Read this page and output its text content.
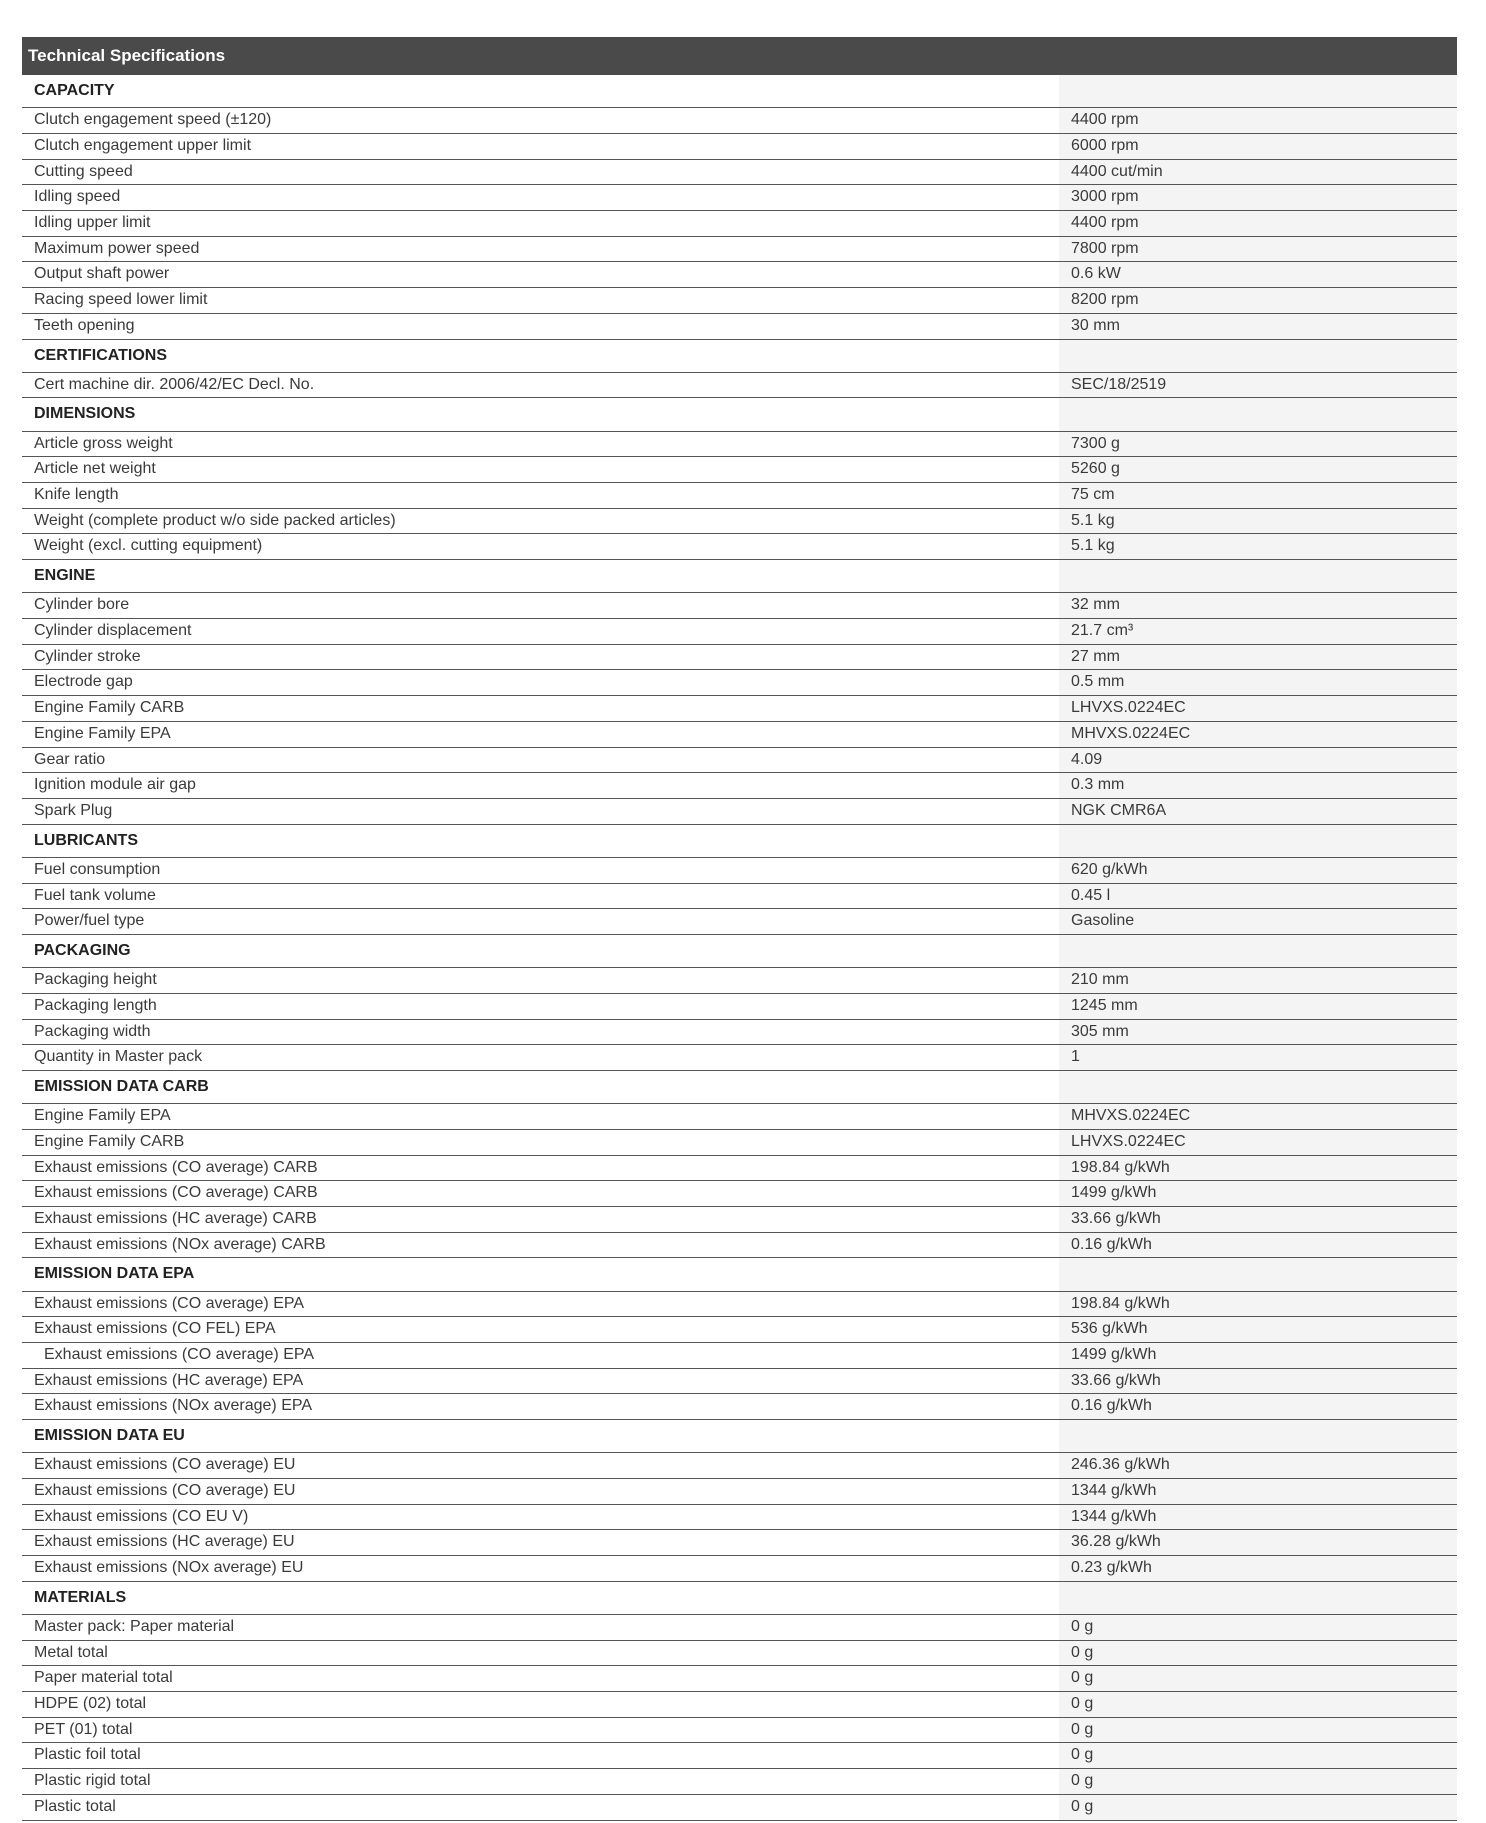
Technical Specifications
CAPACITY
Clutch engagement speed (±120)	4400 rpm
Clutch engagement upper limit	6000 rpm
Cutting speed	4400 cut/min
Idling speed	3000 rpm
Idling upper limit	4400 rpm
Maximum power speed	7800 rpm
Output shaft power	0.6 kW
Racing speed lower limit	8200 rpm
Teeth opening	30 mm
CERTIFICATIONS
Cert machine dir. 2006/42/EC Decl. No.	SEC/18/2519
DIMENSIONS
Article gross weight	7300 g
Article net weight	5260 g
Knife length	75 cm
Weight (complete product w/o side packed articles)	5.1 kg
Weight (excl. cutting equipment)	5.1 kg
ENGINE
Cylinder bore	32 mm
Cylinder displacement	21.7 cm³
Cylinder stroke	27 mm
Electrode gap	0.5 mm
Engine Family CARB	LHVXS.0224EC
Engine Family EPA	MHVXS.0224EC
Gear ratio	4.09
Ignition module air gap	0.3 mm
Spark Plug	NGK CMR6A
LUBRICANTS
Fuel consumption	620 g/kWh
Fuel tank volume	0.45 l
Power/fuel type	Gasoline
PACKAGING
Packaging height	210 mm
Packaging length	1245 mm
Packaging width	305 mm
Quantity in Master pack	1
EMISSION DATA CARB
Engine Family EPA	MHVXS.0224EC
Engine Family CARB	LHVXS.0224EC
Exhaust emissions (CO average) CARB	198.84 g/kWh
Exhaust emissions (CO average) CARB	1499 g/kWh
Exhaust emissions (HC average) CARB	33.66 g/kWh
Exhaust emissions (NOx average) CARB	0.16 g/kWh
EMISSION DATA EPA
Exhaust emissions (CO average) EPA	198.84 g/kWh
Exhaust emissions (CO FEL) EPA	536 g/kWh
Exhaust emissions (CO average) EPA	1499 g/kWh
Exhaust emissions (HC average) EPA	33.66 g/kWh
Exhaust emissions (NOx average) EPA	0.16 g/kWh
EMISSION DATA EU
Exhaust emissions (CO average) EU	246.36 g/kWh
Exhaust emissions (CO average) EU	1344 g/kWh
Exhaust emissions (CO EU V)	1344 g/kWh
Exhaust emissions (HC average) EU	36.28 g/kWh
Exhaust emissions (NOx average) EU	0.23 g/kWh
MATERIALS
Master pack: Paper material	0 g
Metal total	0 g
Paper material total	0 g
HDPE (02) total	0 g
PET (01) total	0 g
Plastic foil total	0 g
Plastic rigid total	0 g
Plastic total	0 g
